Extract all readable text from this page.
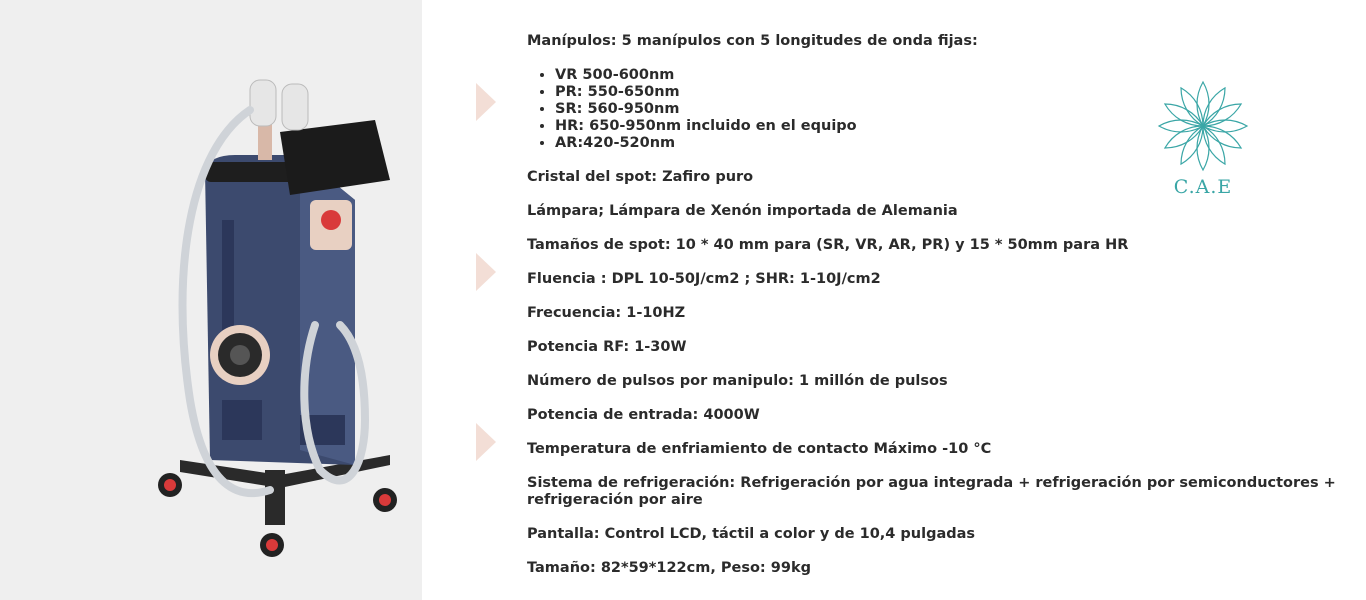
Manípulos: 5 manípulos con 5 longitudes de onda fijas:
• VR 500-600nm
• PR: 550-650nm
• SR: 560-950nm
• HR: 650-950nm incluido en el equipo
• AR:420-520nm
Cristal del spot: Zafiro puro
Lámpara; Lámpara de Xenón importada de Alemania
Tamaños de spot: 10 * 40 mm para (SR, VR, AR, PR) y 15 * 50mm para HR
Fluencia : DPL 10-50J/cm2 ; SHR: 1-10J/cm2
Frecuencia: 1-10HZ
Potencia RF: 1-30W
Número de pulsos por manipulo: 1 millón de pulsos
Potencia de entrada: 4000W
Temperatura de enfriamiento de contacto Máximo -10 °C
Sistema de refrigeración: Refrigeración por agua integrada + refrigeración por semiconductores + refrigeración por aire
Pantalla: Control LCD, táctil a color y de 10,4 pulgadas
Tamaño: 82*59*122cm, Peso: 99kg
C.A.E
